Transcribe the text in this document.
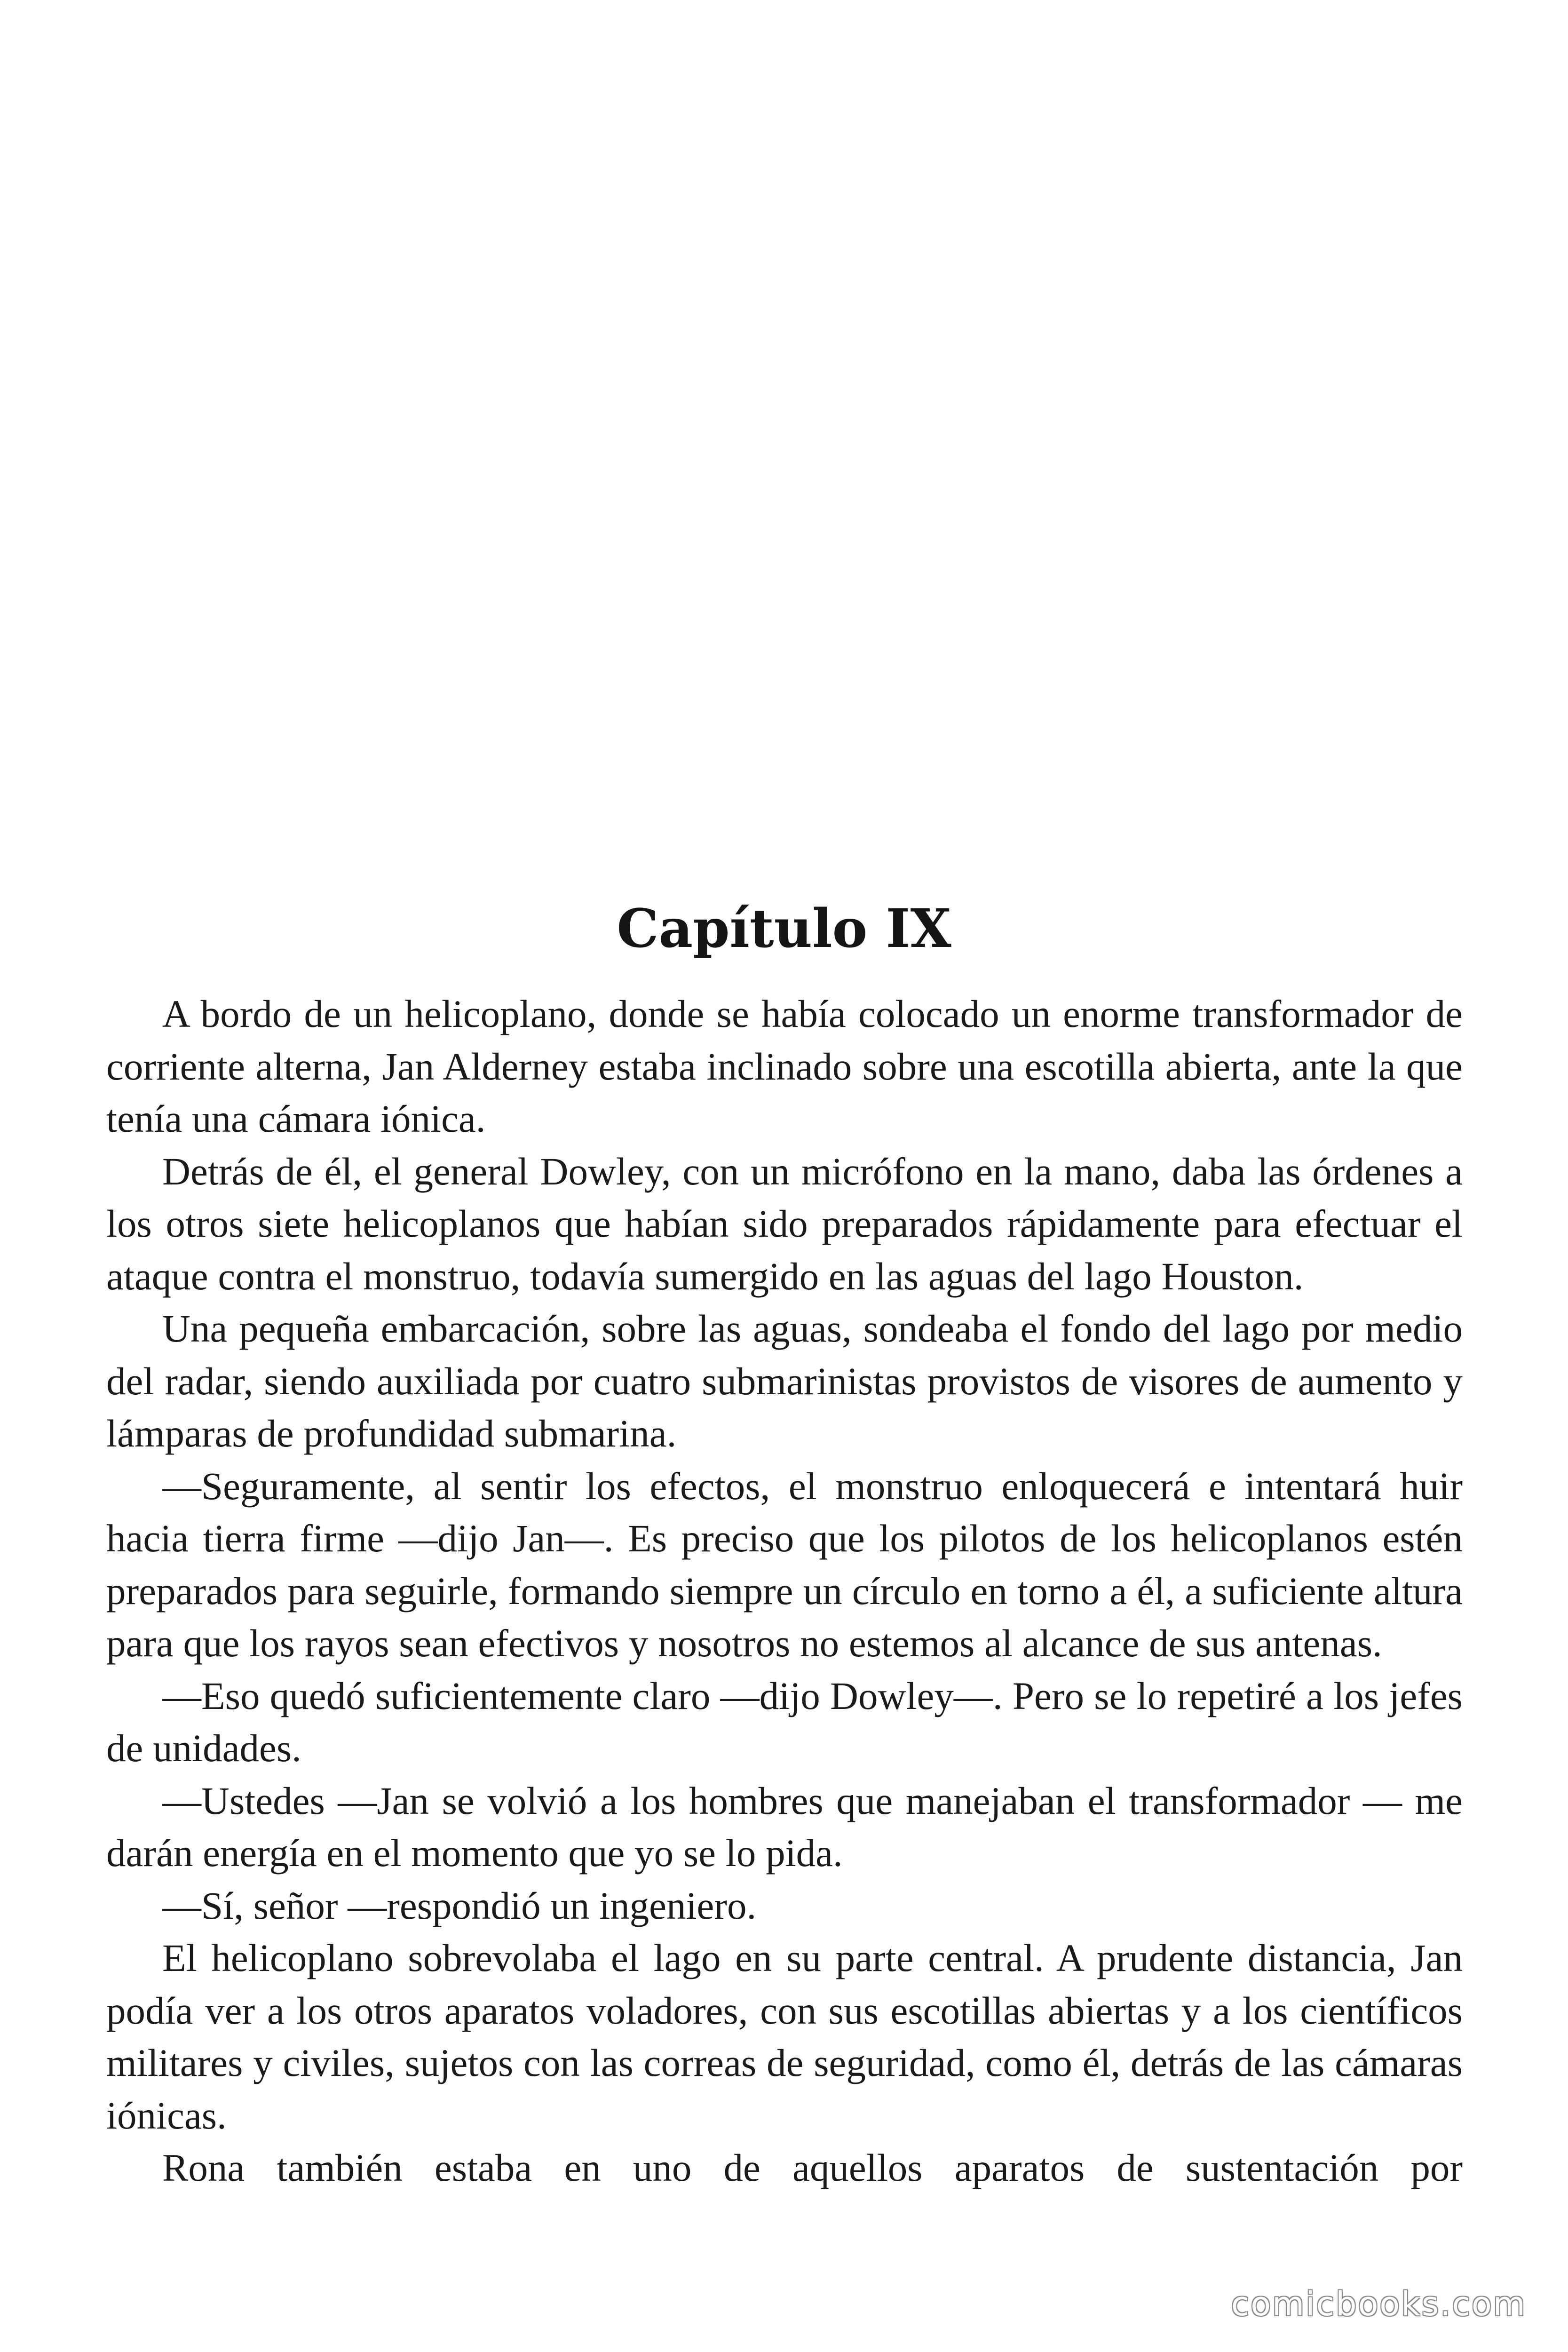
Capítulo IX

A bordo de un helicoplano, donde se había colocado un enorme transformador de corriente alterna, Jan Alderney estaba inclinado sobre una escotilla abierta, ante la que tenía una cámara iónica.

Detrás de él, el general Dowley, con un micrófono en la mano, daba las órdenes a los otros siete helicoplanos que habían sido preparados rápidamente para efectuar el ataque contra el monstruo, todavía sumergido en las aguas del lago Houston.

Una pequeña embarcación, sobre las aguas, sondeaba el fondo del lago por medio del radar, siendo auxiliada por cuatro submarinistas provistos de visores de aumento y lámparas de profundidad submarina.

—Seguramente, al sentir los efectos, el monstruo enloquecerá e intentará huir hacia tierra firme —dijo Jan—. Es preciso que los pilotos de los helicoplanos estén preparados para seguirle, formando siempre un círculo en torno a él, a suficiente altura para que los rayos sean efectivos y nosotros no estemos al alcance de sus antenas.

—Eso quedó suficientemente claro —dijo Dowley—. Pero se lo repetiré a los jefes de unidades.

—Ustedes —Jan se volvió a los hombres que manejaban el transformador — me darán energía en el momento que yo se lo pida.

—Sí, señor —respondió un ingeniero.

El helicoplano sobrevolaba el lago en su parte central. A prudente distancia, Jan podía ver a los otros aparatos voladores, con sus escotillas abiertas y a los científicos militares y civiles, sujetos con las correas de seguridad, como él, detrás de las cámaras iónicas.

Rona también estaba en uno de aquellos aparatos de sustentación por

comicbooks.com
